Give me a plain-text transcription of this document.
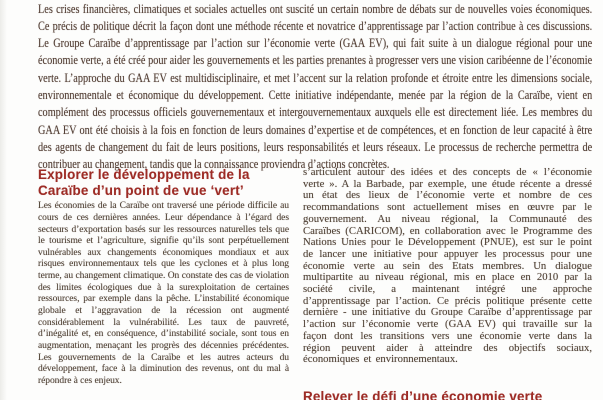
Les crises financières, climatiques et sociales actuelles ont suscité un certain nombre de débats sur de nouvelles voies économiques. Ce précis de politique décrit la façon dont une méthode récente et novatrice d’apprentissage par l’action contribue à ces discussions. Le Groupe Caraïbe d’apprentissage par l’action sur l’économie verte (GAA EV), qui fait suite à un dialogue régional pour une économie verte, a été créé pour aider les gouvernements et les parties prenantes à progresser vers une vision caribéenne de l’économie verte. L’approche du GAA EV est multidisciplinaire, et met l’accent sur la relation profonde et étroite entre les dimensions sociale, environnementale et économique du développement. Cette initiative indépendante, menée par la région de la Caraïbe, vient en complément des processus officiels gouvernementaux et intergouvernementaux auxquels elle est directement liée. Les membres du GAA EV ont été choisis à la fois en fonction de leurs domaines d’expertise et de compétences, et en fonction de leur capacité à être des agents de changement du fait de leurs positions, leurs responsabilités et leurs réseaux. Le processus de recherche permettra de contribuer au changement, tandis que la connaissance proviendra d’actions concrètes.

Explorer le développement de la Caraïbe d’un point de vue ‘vert’

Les économies de la Caraïbe ont traversé une période difficile au cours de ces dernières années. Leur dépendance à l’égard des secteurs d’exportation basés sur les ressources naturelles tels que le tourisme et l’agriculture, signifie qu’ils sont perpétuellement vulnérables aux changements économiques mondiaux et aux risques environnementaux tels que les cyclones et à plus long terme, au changement climatique. On constate des cas de violation des limites écologiques due à la surexploitation de certaines ressources, par exemple dans la pêche. L’instabilité économique globale et l’aggravation de la récession ont augmenté considérablement la vulnérabilité. Les taux de pauvreté, d’inégalité et, en conséquence, d’instabilité sociale, sont tous en augmentation, menaçant les progrès des décennies précédentes. Les gouvernements de la Caraïbe et les autres acteurs du développement, face à la diminution des revenus, ont du mal à répondre à ces enjeux.

s’articulent autour des idées et des concepts de « l’économie verte ». A la Barbade, par exemple, une étude récente a dressé un état des lieux de l’économie verte et nombre de ces recommandations sont actuellement mises en œuvre par le gouvernement. Au niveau régional, la Communauté des Caraïbes (CARICOM), en collaboration avec le Programme des Nations Unies pour le Développement (PNUE), est sur le point de lancer une initiative pour appuyer les processus pour une économie verte au sein des Etats membres. Un dialogue multipartite au niveau régional, mis en place en 2010 par la société civile, a maintenant intégré une approche d’apprentissage par l’action. Ce précis politique présente cette dernière - une initiative du Groupe Caraïbe d’apprentissage par l’action sur l’économie verte (GAA EV) qui travaille sur la façon dont les transitions vers une économie verte dans la région peuvent aider à atteindre des objectifs sociaux, économiques et environnementaux.

Relever le défi d’une économie verte
